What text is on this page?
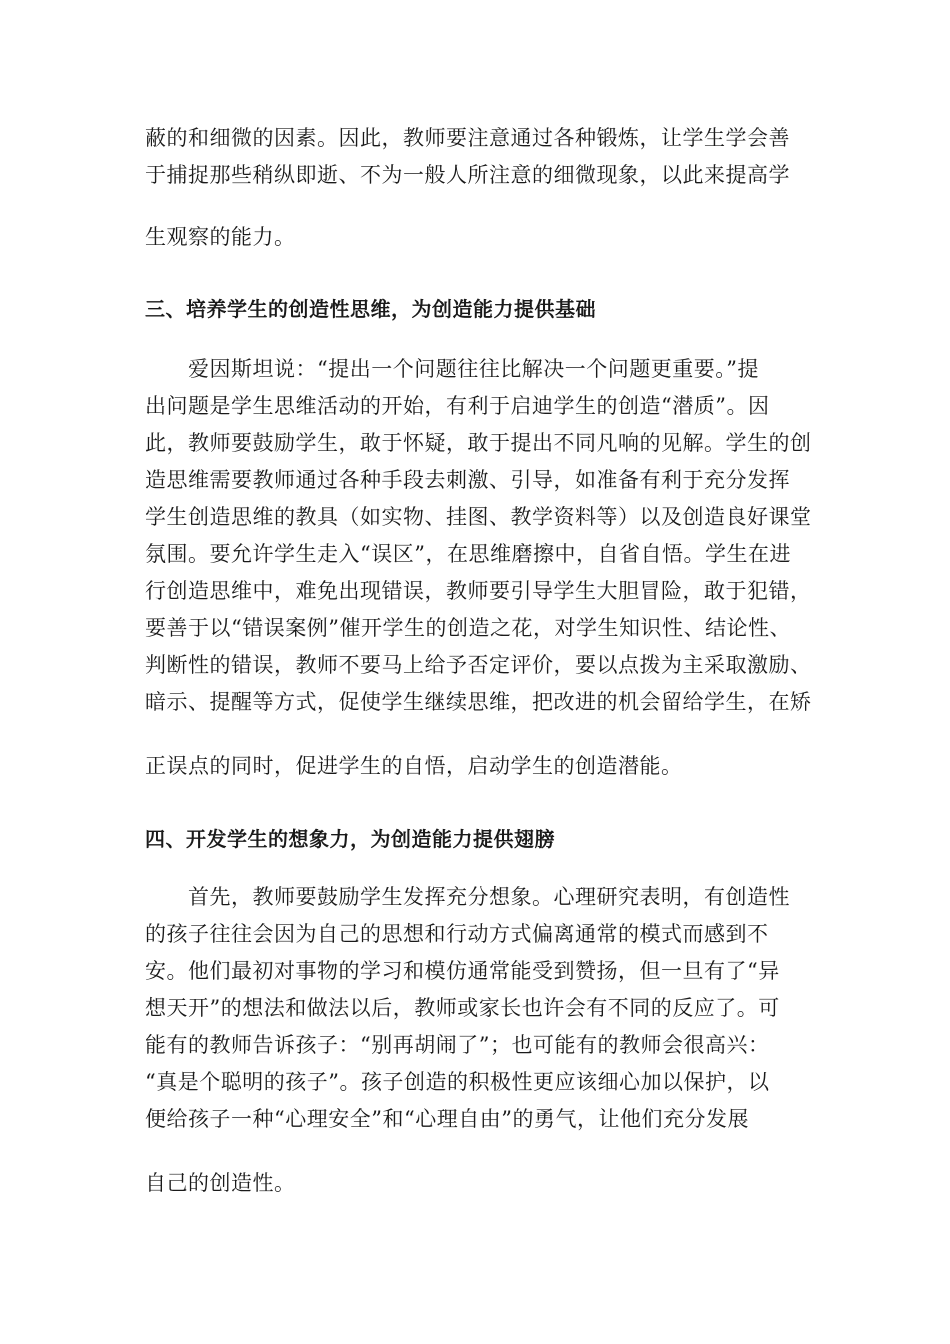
蔽的和细微的因素。因此，教师要注意通过各种锻炼，让学生学会善
于捕捉那些稍纵即逝、不为一般人所注意的细微现象，以此来提高学
生观察的能力。
三、培养学生的创造性思维，为创造能力提供基础
爱因斯坦说：“提出一个问题往往比解决一个问题更重要。”提
出问题是学生思维活动的开始，有利于启迪学生的创造“潜质”。因
此，教师要鼓励学生，敢于怀疑，敢于提出不同凡响的见解。学生的创
造思维需要教师通过各种手段去刺激、引导，如准备有利于充分发挥
学生创造思维的教具（如实物、挂图、教学资料等）以及创造良好课堂
氛围。要允许学生走入“误区”，在思维磨擦中，自省自悟。学生在进
行创造思维中，难免出现错误，教师要引导学生大胆冒险，敢于犯错，
要善于以“错误案例”催开学生的创造之花，对学生知识性、结论性、
判断性的错误，教师不要马上给予否定评价，要以点拨为主采取激励、
暗示、提醒等方式，促使学生继续思维，把改进的机会留给学生，在矫
正误点的同时，促进学生的自悟，启动学生的创造潜能。
四、开发学生的想象力，为创造能力提供翅膀
首先，教师要鼓励学生发挥充分想象。心理研究表明，有创造性
的孩子往往会因为自己的思想和行动方式偏离通常的模式而感到不
安。他们最初对事物的学习和模仿通常能受到赞扬，但一旦有了“异
想天开”的想法和做法以后，教师或家长也许会有不同的反应了。可
能有的教师告诉孩子：“别再胡闹了”；也可能有的教师会很高兴：
“真是个聪明的孩子”。孩子创造的积极性更应该细心加以保护，以
便给孩子一种“心理安全”和“心理自由”的勇气，让他们充分发展
自己的创造性。
